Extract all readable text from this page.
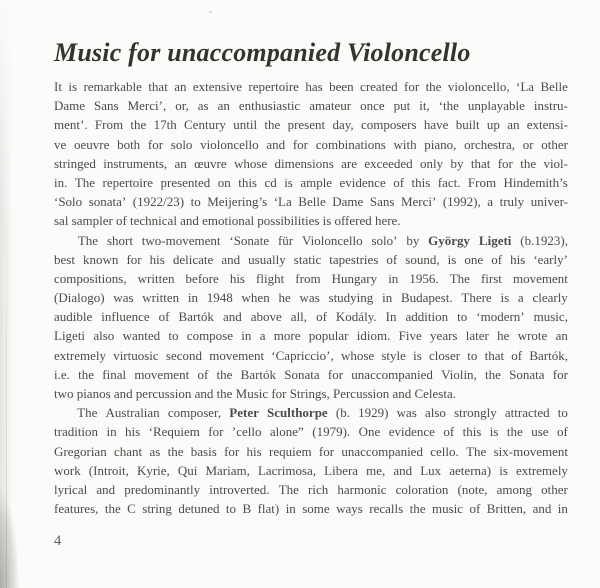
Music for unaccompanied Violoncello
It is remarkable that an extensive repertoire has been created for the violoncello, ‘La Belle
Dame Sans Merci’, or, as an enthusiastic amateur once put it, ‘the unplayable instru-
ment’. From the 17th Century until the present day, composers have built up an extensi-
ve oeuvre both for solo violoncello and for combinations with piano, orchestra, or other
stringed instruments, an œuvre whose dimensions are exceeded only by that for the viol-
in. The repertoire presented on this cd is ample evidence of this fact. From Hindemith’s
‘Solo sonata’ (1922/23) to Meijering’s ‘La Belle Dame Sans Merci’ (1992), a truly univer-
sal sampler of technical and emotional possibilities is offered here.
The short two-movement ‘Sonate für Violoncello solo’ by György Ligeti (b.1923),
best known for his delicate and usually static tapestries of sound, is one of his ‘early’
compositions, written before his flight from Hungary in 1956. The first movement
(Dialogo) was written in 1948 when he was studying in Budapest. There is a clearly
audible influence of Bartók and above all, of Kodály. In addition to ‘modern’ music,
Ligeti also wanted to compose in a more popular idiom. Five years later he wrote an
extremely virtuosic second movement ‘Capriccio’, whose style is closer to that of Bartók,
i.e. the final movement of the Bartók Sonata for unaccompanied Violin, the Sonata for
two pianos and percussion and the Music for Strings, Percussion and Celesta.
The Australian composer, Peter Sculthorpe (b. 1929) was also strongly attracted to
tradition in his ‘Requiem for ’cello alone” (1979). One evidence of this is the use of
Gregorian chant as the basis for his requiem for unaccompanied cello. The six-movement
work (Introit, Kyrie, Qui Mariam, Lacrimosa, Libera me, and Lux aeterna) is extremely
lyrical and predominantly introverted. The rich harmonic coloration (note, among other
features, the C string detuned to B flat) in some ways recalls the music of Britten, and in
4
